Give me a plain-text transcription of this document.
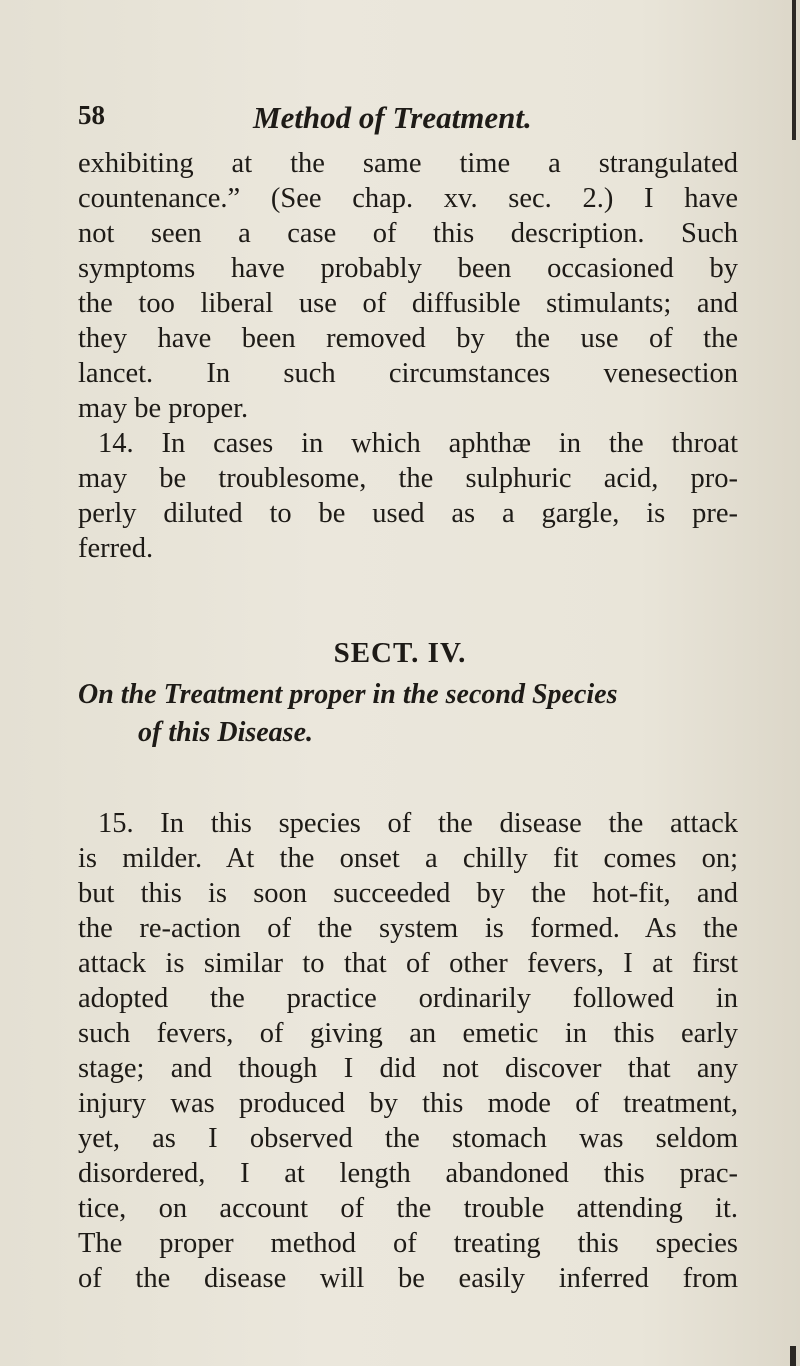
58	Method of Treatment.
exhibiting at the same time a strangulated
countenance.” (See chap. xv. sec. 2.) I have
not seen a case of this description. Such
symptoms have probably been occasioned by
the too liberal use of diffusible stimulants; and
they have been removed by the use of the
lancet. In such circumstances venesection
may be proper.
14. In cases in which aphthæ in the throat
may be troublesome, the sulphuric acid, pro-
perly diluted to be used as a gargle, is pre-
ferred.
SECT. IV.
On the Treatment proper in the second Species
of this Disease.
15. In this species of the disease the attack
is milder. At the onset a chilly fit comes on;
but this is soon succeeded by the hot-fit, and
the re-action of the system is formed. As the
attack is similar to that of other fevers, I at first
adopted the practice ordinarily followed in
such fevers, of giving an emetic in this early
stage; and though I did not discover that any
injury was produced by this mode of treatment,
yet, as I observed the stomach was seldom
disordered, I at length abandoned this prac-
tice, on account of the trouble attending it.
The proper method of treating this species
of the disease will be easily inferred from
